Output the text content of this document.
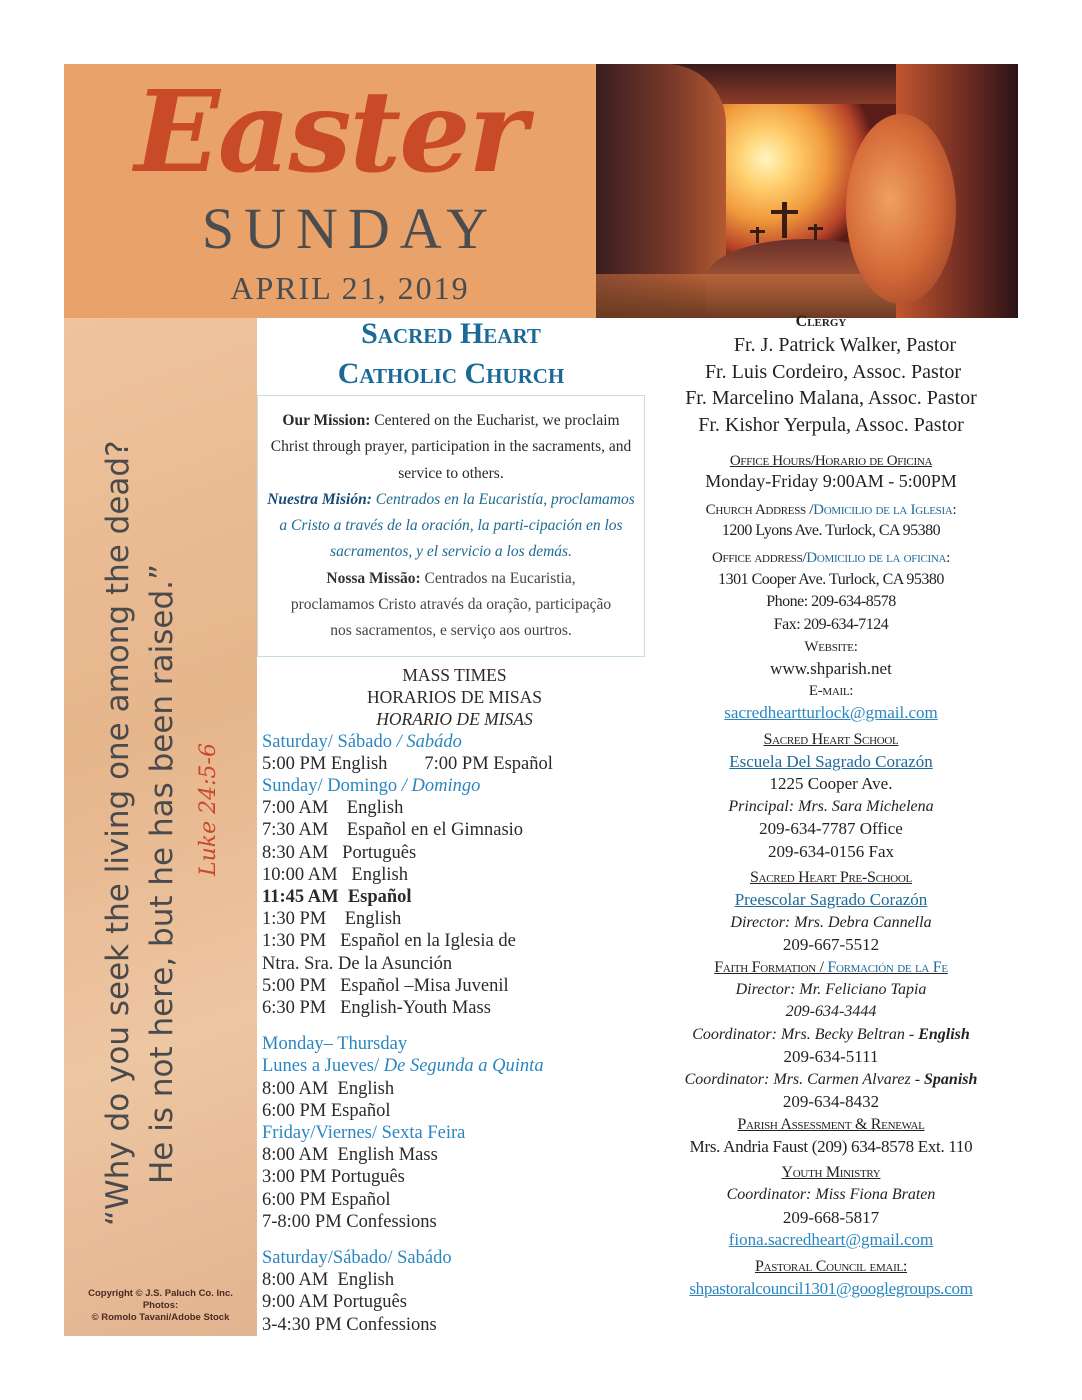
Easter
SUNDAY
APRIL 21, 2019
“Why do you seek the living one among the dead? He is not here, but he has been raised.” Luke 24:5-6
Copyright © J.S. Paluch Co. Inc.
Photos:
© Romolo Tavani/Adobe Stock
Sacred Heart
Catholic Church
Our Mission: Centered on the Eucharist, we proclaim Christ through prayer, participation in the sacraments, and service to others.
Nuestra Misión: Centrados en la Eucaristía, proclamamos a Cristo a través de la oración, la parti-cipación en los sacramentos, y el servicio a los demás.
Nossa Missão: Centrados na Eucaristia, proclamamos Cristo através da oração, participação nos sacramentos, e serviço aos ourtros.
MASS TIMES
HORARIOS DE MISAS
HORARIO DE MISAS
Saturday/ Sábado / Sabádo
5:00 PM English        7:00 PM Español
Sunday/ Domingo / Domingo
7:00 AM    English
7:30 AM    Español en el Gimnasio
8:30 AM   Português
10:00 AM   English
11:45 AM  Español
1:30 PM    English
1:30 PM   Español en la Iglesia de
Ntra. Sra. De la Asunción
5:00 PM   Español –Misa Juvenil
6:30 PM   English-Youth Mass
Monday– Thursday
Lunes a Jueves/ De Segunda a Quinta
8:00 AM  English
6:00 PM Español
Friday/Viernes/ Sexta Feira
8:00 AM  English Mass
3:00 PM Português
6:00 PM Español
7-8:00 PM Confessions
Saturday/Sábado/ Sabádo
8:00 AM  English
9:00 AM Português
3-4:30 PM Confessions
Clergy
Fr. J. Patrick Walker, Pastor
Fr. Luis Cordeiro, Assoc. Pastor
Fr. Marcelino Malana, Assoc. Pastor
Fr. Kishor Yerpula, Assoc. Pastor
Office Hours/Horario de Oficina
Monday-Friday 9:00AM - 5:00PM
Church Address /Domicilio de la Iglesia:
1200 Lyons Ave. Turlock, CA 95380
Office address/Domicilio de la oficina:
1301 Cooper Ave. Turlock, CA 95380
Phone: 209-634-8578
Fax: 209-634-7124
Website:
www.shparish.net
E-mail:
sacredheartturlock@gmail.com
Sacred Heart School
Escuela Del Sagrado Corazón
1225 Cooper Ave.
Principal: Mrs. Sara Michelena
209-634-7787 Office
209-634-0156 Fax
Sacred Heart Pre-School
Preescolar Sagrado Corazón
Director: Mrs. Debra Cannella
209-667-5512
Faith Formation / Formación de la Fe
Director: Mr. Feliciano Tapia
209-634-3444
Coordinator: Mrs. Becky Beltran - English
209-634-5111
Coordinator: Mrs. Carmen Alvarez - Spanish
209-634-8432
Parish Assessment & Renewal
Mrs. Andria Faust (209) 634-8578 Ext. 110
Youth Ministry
Coordinator: Miss Fiona Braten
209-668-5817
fiona.sacredheart@gmail.com
Pastoral Council email:
shpastoralcouncil1301@googlegroups.com
